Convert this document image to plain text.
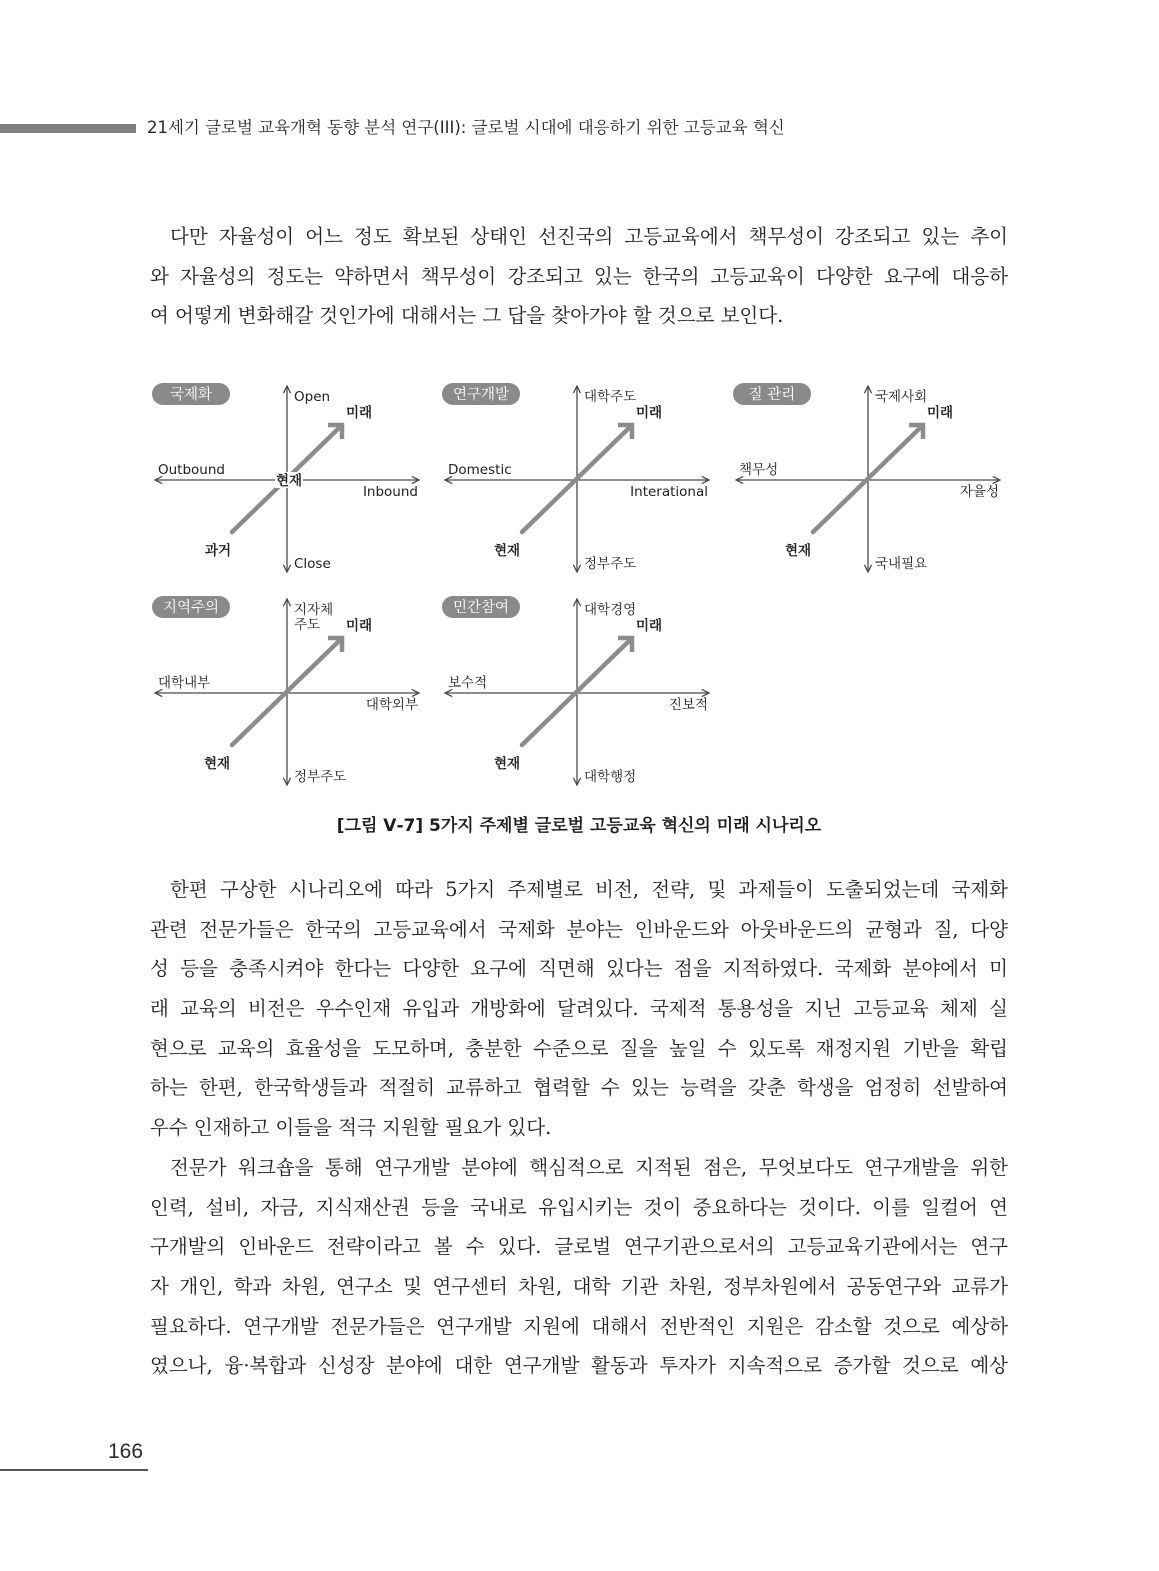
21세기 글로벌 교육개혁 동향 분석 연구(III): 글로벌 시대에 대응하기 위한 고등교육 혁신
다만 자율성이 어느 정도 확보된 상태인 선진국의 고등교육에서 책무성이 강조되고 있는 추이
와 자율성의 정도는 약하면서 책무성이 강조되고 있는 한국의 고등교육이 다양한 요구에 대응하
여 어떻게 변화해갈 것인가에 대해서는 그 답을 찾아가야 할 것으로 보인다.
국제화	Open
Close
Outbound
Inbound
미래
현재
과거
연구개발	대학주도
정부주도
Domestic
Interational
미래
현재
질 관리	국제사회
국내필요
책무성
자율성
미래
현재
지역주의	지자체
주도
정부주도
대학내부
대학외부
미래
현재
민간참여	대학경영
대학행정
보수적
진보적
미래
현재
[그림 Ⅴ-7] 5가지 주제별 글로벌 고등교육 혁신의 미래 시나리오
한편 구상한 시나리오에 따라 5가지 주제별로 비전, 전략, 및 과제들이 도출되었는데 국제화
관련 전문가들은 한국의 고등교육에서 국제화 분야는 인바운드와 아웃바운드의 균형과 질, 다양
성 등을 충족시켜야 한다는 다양한 요구에 직면해 있다는 점을 지적하였다. 국제화 분야에서 미
래 교육의 비전은 우수인재 유입과 개방화에 달려있다. 국제적 통용성을 지닌 고등교육 체제 실
현으로 교육의 효율성을 도모하며, 충분한 수준으로 질을 높일 수 있도록 재정지원 기반을 확립
하는 한편, 한국학생들과 적절히 교류하고 협력할 수 있는 능력을 갖춘 학생을 엄정히 선발하여
우수 인재하고 이들을 적극 지원할 필요가 있다.
전문가 워크숍을 통해 연구개발 분야에 핵심적으로 지적된 점은, 무엇보다도 연구개발을 위한
인력, 설비, 자금, 지식재산권 등을 국내로 유입시키는 것이 중요하다는 것이다. 이를 일컬어 연
구개발의 인바운드 전략이라고 볼 수 있다. 글로벌 연구기관으로서의 고등교육기관에서는 연구
자 개인, 학과 차원, 연구소 및 연구센터 차원, 대학 기관 차원, 정부차원에서 공동연구와 교류가
필요하다. 연구개발 전문가들은 연구개발 지원에 대해서 전반적인 지원은 감소할 것으로 예상하
였으나, 융·복합과 신성장 분야에 대한 연구개발 활동과 투자가 지속적으로 증가할 것으로 예상
166
